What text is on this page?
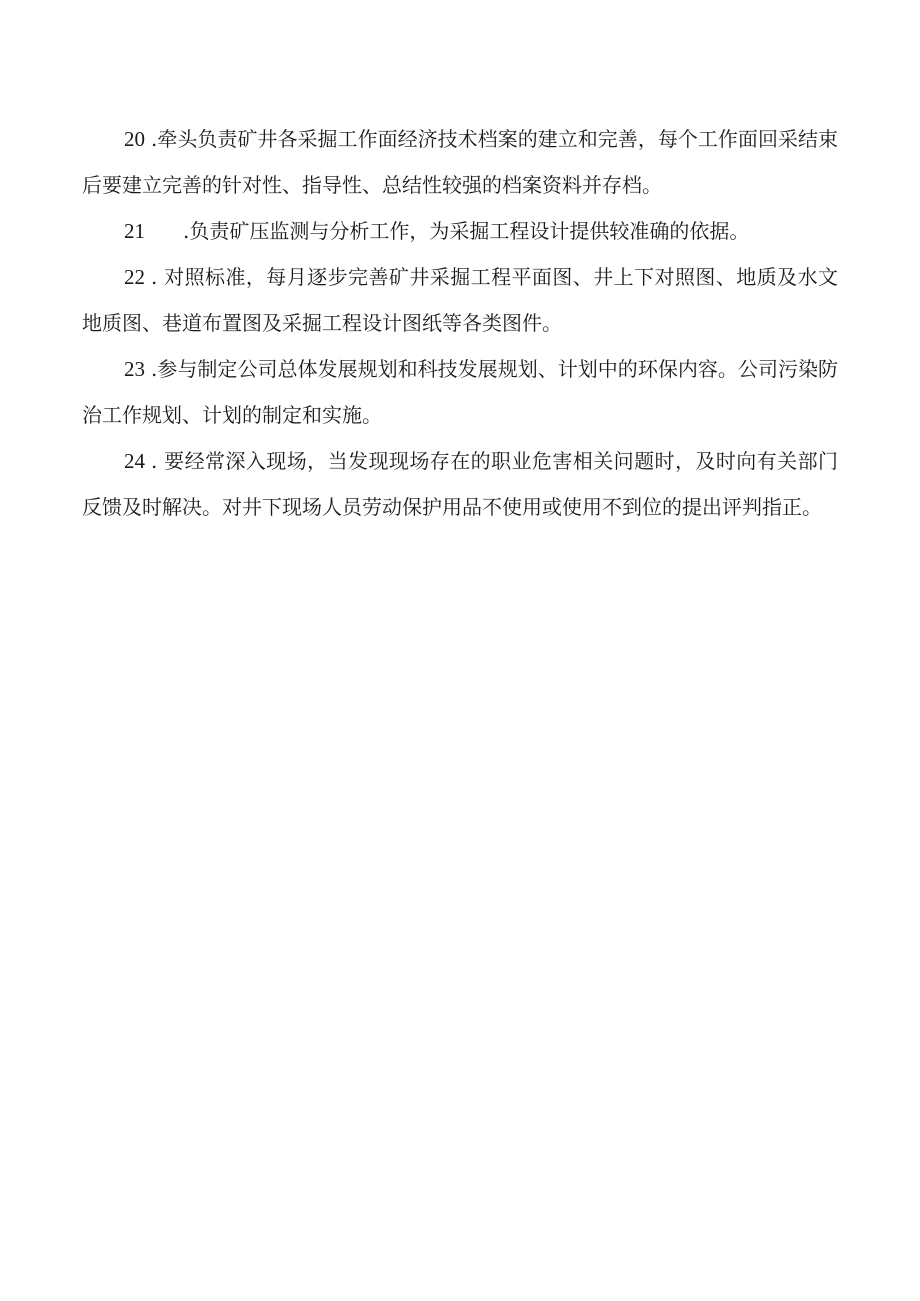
20 .牵头负责矿井各采掘工作面经济技术档案的建立和完善，每个工作面回采结束后要建立完善的针对性、指导性、总结性较强的档案资料并存档。

21 .负责矿压监测与分析工作，为采掘工程设计提供较准确的依据。

22 . 对照标准，每月逐步完善矿井采掘工程平面图、井上下对照图、地质及水文地质图、巷道布置图及采掘工程设计图纸等各类图件。

23 .参与制定公司总体发展规划和科技发展规划、计划中的环保内容。公司污染防治工作规划、计划的制定和实施。

24 . 要经常深入现场，当发现现场存在的职业危害相关问题时，及时向有关部门反馈及时解决。对井下现场人员劳动保护用品不使用或使用不到位的提出评判指正。
